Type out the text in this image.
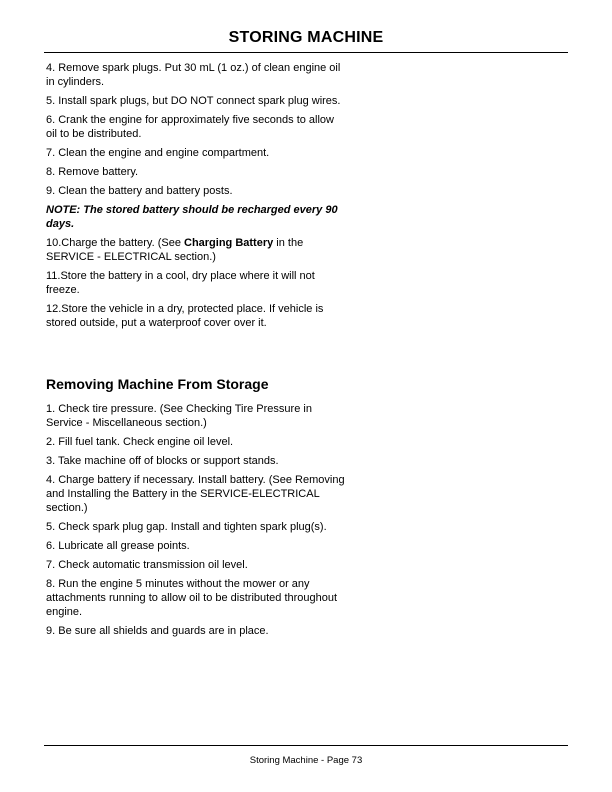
STORING MACHINE

4. Remove spark plugs. Put 30 mL (1 oz.) of clean engine oil in cylinders.

5. Install spark plugs, but DO NOT connect spark plug wires.

6. Crank the engine for approximately five seconds to allow oil to be distributed.

7. Clean the engine and engine compartment.

8. Remove battery.

9. Clean the battery and battery posts.

NOTE: The stored battery should be recharged every 90 days.

10.Charge the battery. (See Charging Battery in the SERVICE - ELECTRICAL section.)

11.Store the battery in a cool, dry place where it will not freeze.

12.Store the vehicle in a dry, protected place. If vehicle is stored outside, put a waterproof cover over it.

Removing Machine From Storage

1. Check tire pressure. (See Checking Tire Pressure in Service - Miscellaneous section.)

2. Fill fuel tank. Check engine oil level.

3. Take machine off of blocks or support stands.

4. Charge battery if necessary. Install battery. (See Removing and Installing the Battery in the SERVICE-ELECTRICAL section.)

5. Check spark plug gap. Install and tighten spark plug(s).

6. Lubricate all grease points.

7. Check automatic transmission oil level.

8. Run the engine 5 minutes without the mower or any attachments running to allow oil to be distributed throughout engine.

9. Be sure all shields and guards are in place.

Storing Machine - Page 73
